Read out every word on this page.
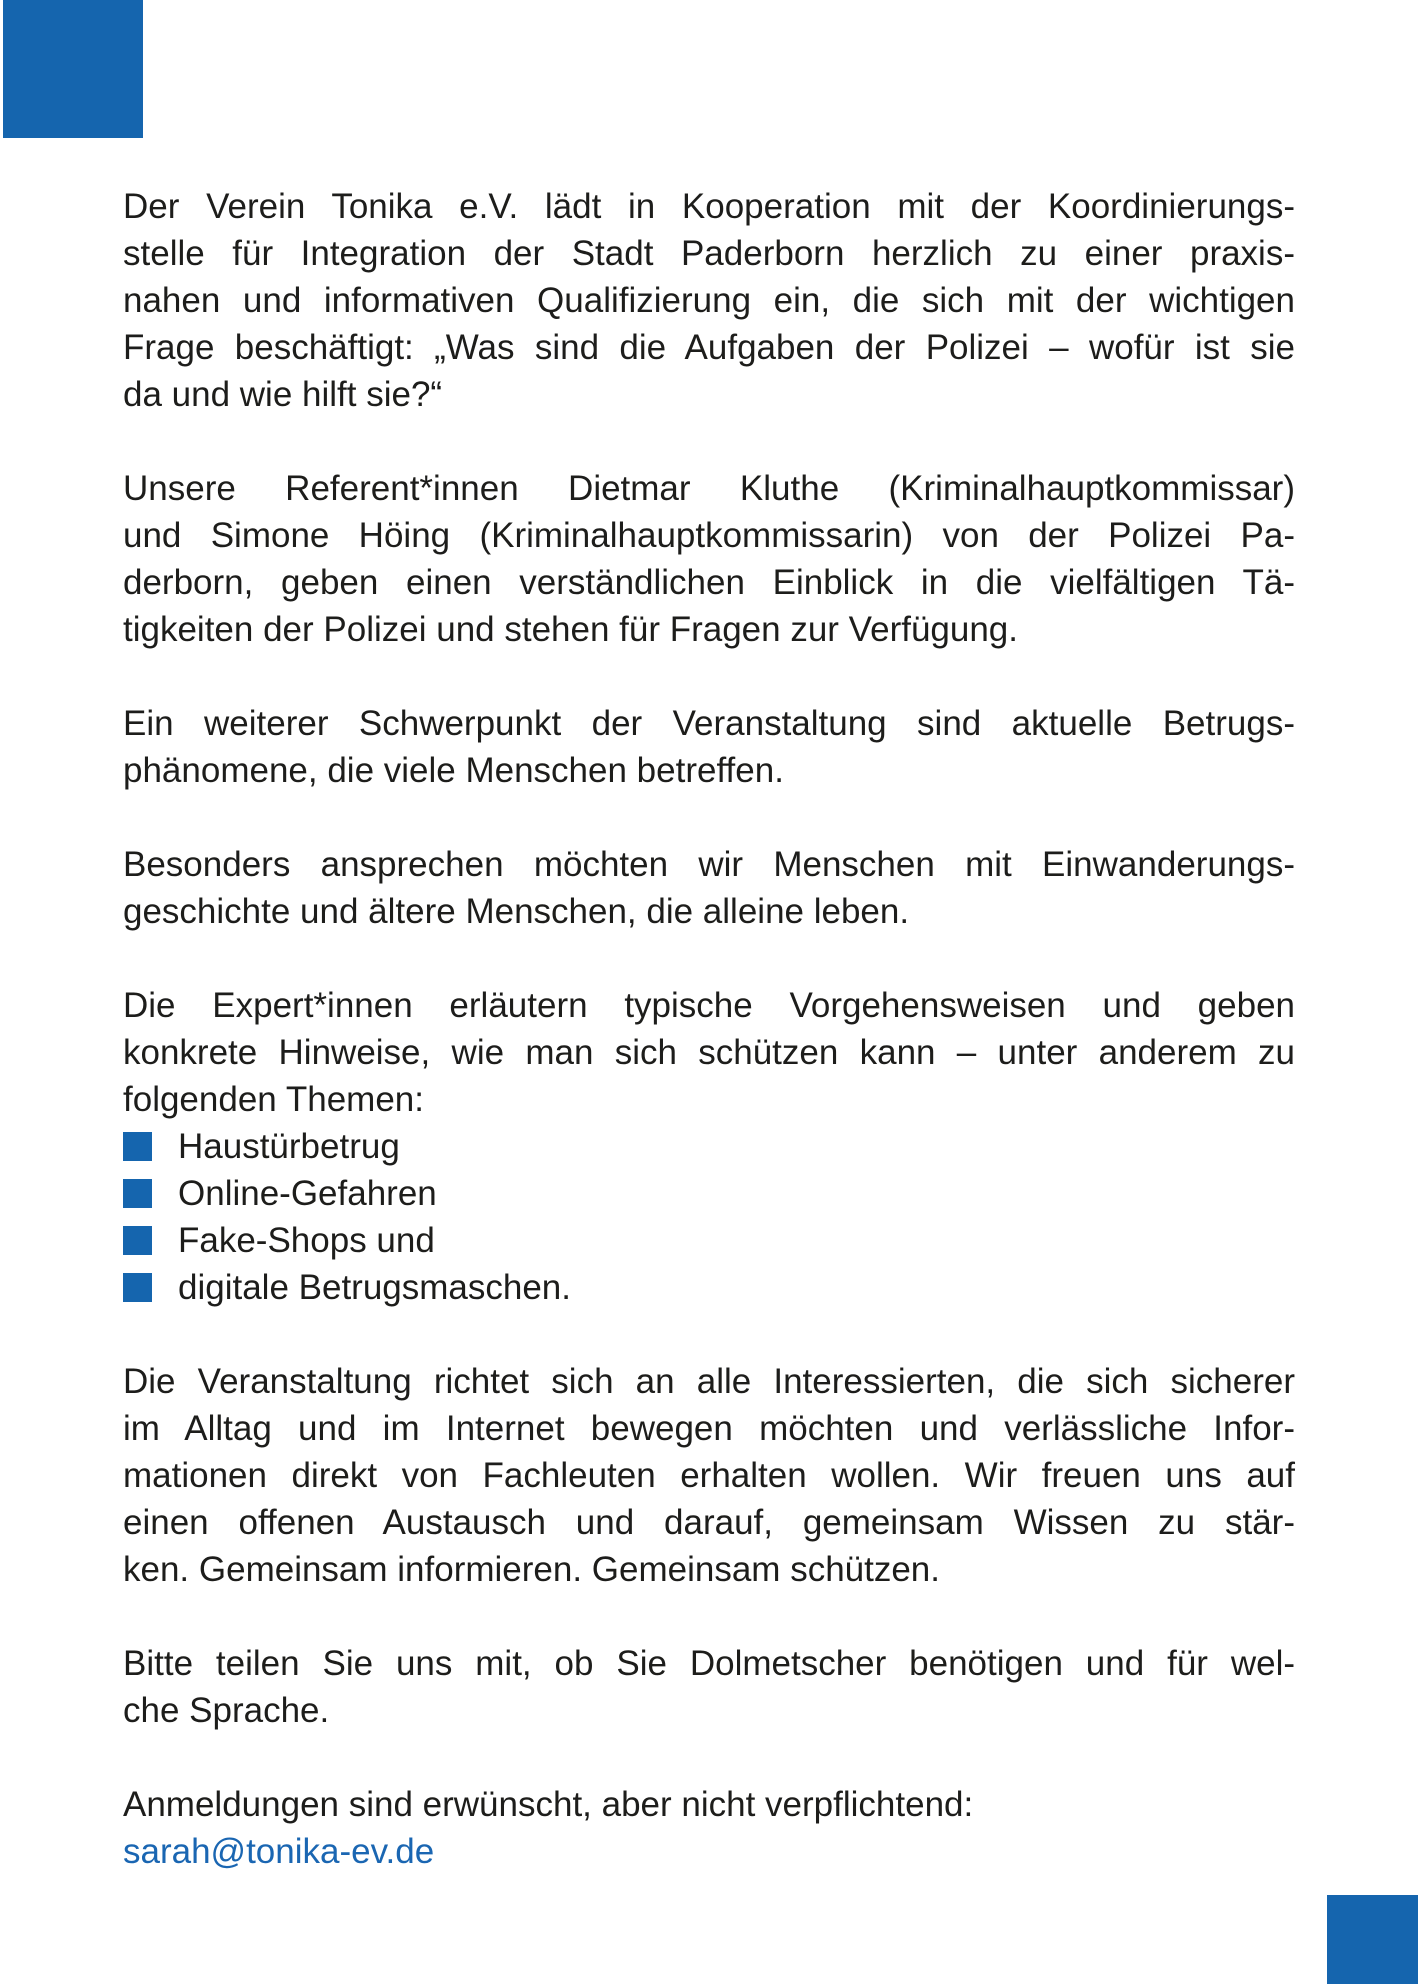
Der Verein Tonika e.V. lädt in Kooperation mit der Koordinierungs-
stelle für Integration der Stadt Paderborn herzlich zu einer praxis-
nahen und informativen Qualifizierung ein, die sich mit der wichtigen
Frage beschäftigt: „Was sind die Aufgaben der Polizei – wofür ist sie
da und wie hilft sie?“
Unsere Referent*innen Dietmar Kluthe (Kriminalhauptkommissar)
und Simone Höing (Kriminalhauptkommissarin) von der Polizei Pa-
derborn, geben einen verständlichen Einblick in die vielfältigen Tä-
tigkeiten der Polizei und stehen für Fragen zur Verfügung.
Ein weiterer Schwerpunkt der Veranstaltung sind aktuelle Betrugs-
phänomene, die viele Menschen betreffen.
Besonders ansprechen möchten wir Menschen mit Einwanderungs-
geschichte und ältere Menschen, die alleine leben.
Die Expert*innen erläutern typische Vorgehensweisen und geben
konkrete Hinweise, wie man sich schützen kann – unter anderem zu
folgenden Themen:
Haustürbetrug
Online-Gefahren
Fake-Shops und
digitale Betrugsmaschen.
Die Veranstaltung richtet sich an alle Interessierten, die sich sicherer
im Alltag und im Internet bewegen möchten und verlässliche Infor-
mationen direkt von Fachleuten erhalten wollen. Wir freuen uns auf
einen offenen Austausch und darauf, gemeinsam Wissen zu stär-
ken. Gemeinsam informieren. Gemeinsam schützen.
Bitte teilen Sie uns mit, ob Sie Dolmetscher benötigen und für wel-
che Sprache.
Anmeldungen sind erwünscht, aber nicht verpflichtend:
sarah@tonika-ev.de
